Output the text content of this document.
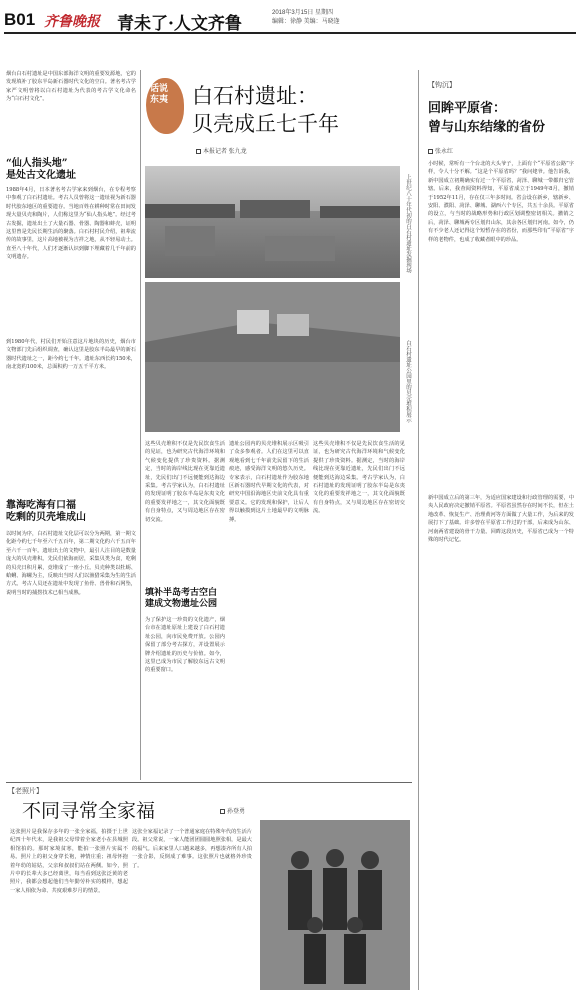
B01 齐鲁晚报 青未了·人文齐鲁
2018年3月15日 星期四
编辑：徐静 美编：马晓逢
烟台白石村遗址是中国东部海洋文明的重要发源地，它的发现填补了胶东半岛新石器时代文化的空白。著名考古学家严文明曾将以白石村遗址为代表的考古学文化命名为“白石村文化”。
“仙人指头地”
是处古文化遗址
1988年4月，日本著名考古学家来到烟台，在专程考察中参观了白石村遗址。考古人员曾将这一遗址视为新石器时代胶东地区的重要遗存。当地百姓在耕种时常在田间发现大量贝壳和陶片，人们称这里为“仙人指头地”。经过考古发掘，遗址出土了大量石器、骨器、陶器和蚌壳，证明这里曾是先民长期生活的聚落。白石村村民介绍，祖辈流传的故事里，这片高地被视为吉祥之地，从不轻易动土。直至八十年代，人们才逐渐认识到脚下埋藏着几千年前的文明遗存。
到1980年代，村民们开始注意这片地块的历史，烟台市文物部门先后组织调查，确认这里是胶东半岛最早的新石器时代遗址之一，距今约七千年。遗址东西长约150米，南北宽约100米，总面积约一万五千平方米。
靠海吃海有口福
吃剩的贝壳堆成山
以时间为序，白石村遗址文化层可以分为两期，第一期文化距今约七千年至六千五百年，第二期文化约六千五百年至六千一百年。遗址出土的文物中，最引人注目的是数量庞大的贝壳堆积。先民们依海而居，采集贝类为食，吃剩的贝壳日积月累，竟堆成了一座小丘。贝壳种类以牡蛎、蛤蜊、海螺为主，反映出当时人们以渔猎采集为生的生活方式。考古人员还在遗址中发现了鱼骨、兽骨和石网坠，说明当时的捕捞技术已相当成熟。
话说
东夷	白石村遗址：
贝壳成丘七千年
本报记者 张九龙
上世纪八十年代初的白石村遗址发掘现场
白石村遗址公园里的贝壳堆积展示
这些贝壳堆积不仅是先民饮食生活的见证，也为研究古代海洋环境和气候变化提供了珍贵资料。据测定，当时的海岸线比现在更靠近遗址，先民们出门不远便能到达海边采集。考古学家认为，白石村遗址的发现证明了胶东半岛是东夷文化的重要发祥地之一，其文化面貌既有自身特点，又与周边地区存在密切交流。
填补半岛考古空白
建成文物遗址公园
为了保护这一珍贵的文化遗产，烟台市在遗址原址上建设了白石村遗址公园，向市民免费开放。公园内保留了部分考古探方，并设置展示牌介绍遗址的历史与价值。如今，这里已成为市民了解胶东远古文明的重要窗口。
遗址公园内的贝壳堆积展示区吸引了众多参观者。人们在这里可以直观地看到七千年前先民留下的生活痕迹，感受海洋文明的悠久历史。专家表示，白石村遗址作为胶东地区新石器时代早期文化的代表，对研究中国沿海地区史前文化具有重要意义。它的发现和保护，让后人得以触摸到这片土地最早的文明脉搏。
这些贝壳堆积不仅是先民饮食生活的见证，也为研究古代海洋环境和气候变化提供了珍贵资料。据测定，当时的海岸线比现在更靠近遗址，先民们出门不远便能到达海边采集。考古学家认为，白石村遗址的发现证明了胶东半岛是东夷文化的重要发祥地之一，其文化面貌既有自身特点，又与周边地区存在密切交流。
【钩沉】
回眸平原省：
曾与山东结缘的省份
张永红
小时候，常听有一个台北的大头爷子，上面有个“平原省公路”字样，令人十分不解。“这是个平原省吗？”我问姥爷。他告诉我，新中国成立初期确实有过一个平原省，菏泽、聊城一带都归它管辖。后来，我查阅资料得知，平原省成立于1949年8月，撤销于1952年11月，存在仅三年多时间。省会设在新乡，辖新乡、安阳、濮阳、菏泽、聊城、湖西六个专区，共五十余县。平原省的设立，与当时的战略形势和行政区划调整密切相关。撤销之后，菏泽、聊城两专区划归山东，其余各区划归河南。如今，仍有不少老人还记得这个短暂存在的省份，而那些印有“平原省”字样的老物件，也成了收藏者眼中的珍品。
新中国成立后的第三年，为适应国家建设和行政管理的需要，中央人民政府决定撤销平原省。平原省虽然存在时间不长，但在土地改革、恢复生产、治理黄河等方面做了大量工作，为后来的发展打下了基础。许多曾在平原省工作过的干部，后来成为山东、河南两省建设的骨干力量。回眸这段历史，平原省已成为一个特殊的时代记忆。
【老照片】
不同寻常全家福	孙登勇
这张照片是我保存多年的一张全家福，拍摄于上世纪四十年代末，是我祖父母带着全家老小在县城照相馆拍的。那时家境贫寒，能拍一张照片实属不易。照片上的祖父身穿长袍，神情庄重；祖母怀抱着年幼的姑姑，父亲和叔叔们站在两侧。如今，照片中的长辈大多已经离世，每当看到这张泛黄的老照片，我都会想起他们当年勤劳朴实的模样，想起一家人相依为命、共度艰难岁月的情景。
这张全家福记录了一个普通家庭在特殊年代的生活片段。祖父常说，一家人能团团圆圆地照张相，是最大的福气。后来家里人口越来越多，再想凑齐所有人拍一张合影，反倒成了难事。这张照片也就格外珍贵了。
